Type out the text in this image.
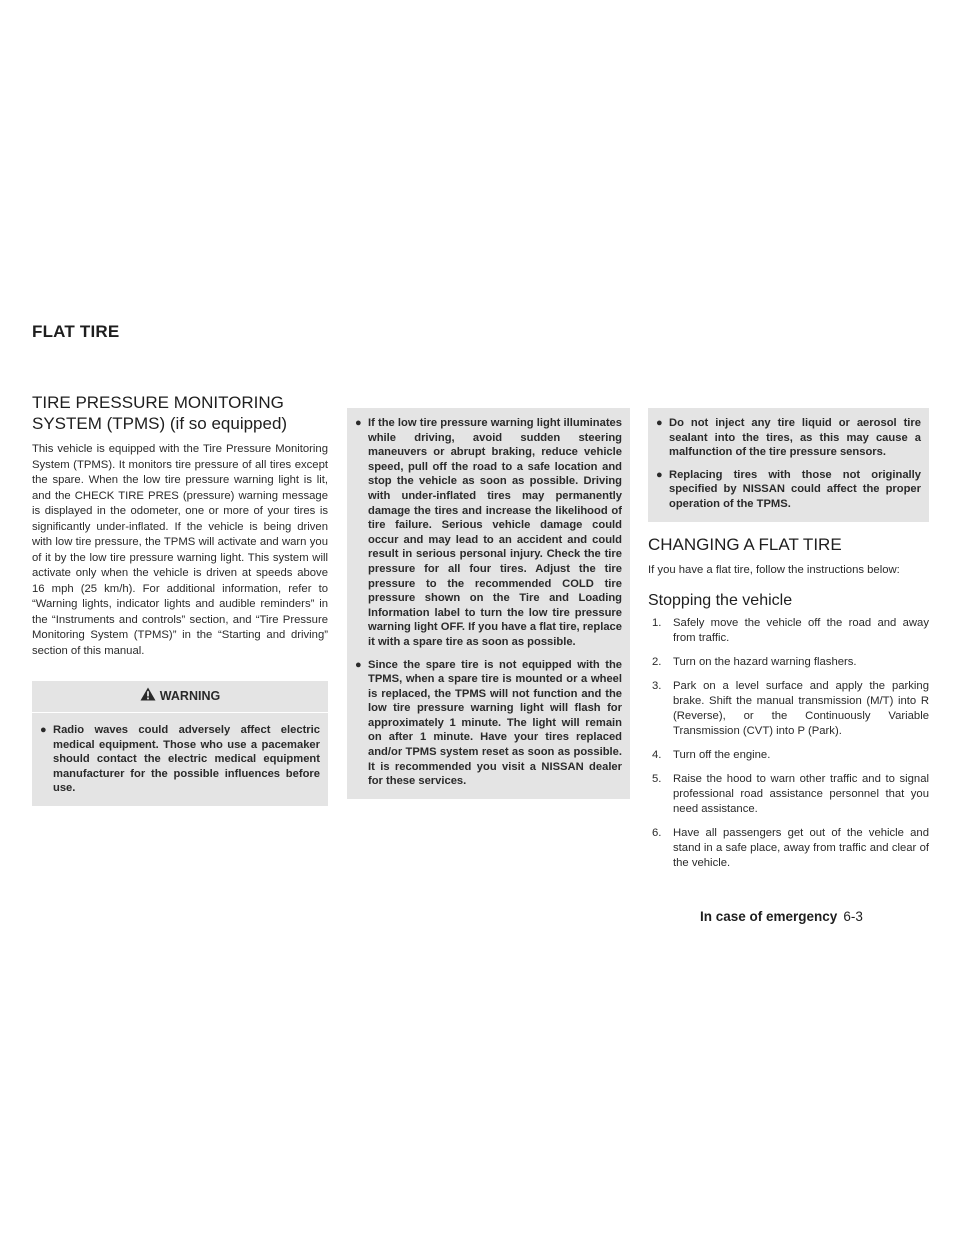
FLAT TIRE
TIRE PRESSURE MONITORING
SYSTEM (TPMS) (if so equipped)

This vehicle is equipped with the Tire Pressure Monitoring System (TPMS). It monitors tire pressure of all tires except the spare. When the low tire pressure warning light is lit, and the CHECK TIRE PRES (pressure) warning message is displayed in the odometer, one or more of your tires is significantly under-inflated. If the vehicle is being driven with low tire pressure, the TPMS will activate and warn you of it by the low tire pressure warning light. This system will activate only when the vehicle is driven at speeds above 16 mph (25 km/h). For additional information, refer to “Warning lights, indicator lights and audible reminders” in the “Instruments and controls” section, and “Tire Pressure Monitoring System (TPMS)” in the “Starting and driving” section of this manual.

WARNING
● Radio waves could adversely affect electric medical equipment. Those who use a pacemaker should contact the electric medical equipment manufacturer for the possible influences before use.
● If the low tire pressure warning light illuminates while driving, avoid sudden steering maneuvers or abrupt braking, reduce vehicle speed, pull off the road to a safe location and stop the vehicle as soon as possible. Driving with under-inflated tires may permanently damage the tires and increase the likelihood of tire failure. Serious vehicle damage could occur and may lead to an accident and could result in serious personal injury. Check the tire pressure for all four tires. Adjust the tire pressure to the recommended COLD tire pressure shown on the Tire and Loading Information label to turn the low tire pressure warning light OFF. If you have a flat tire, replace it with a spare tire as soon as possible.
● Since the spare tire is not equipped with the TPMS, when a spare tire is mounted or a wheel is replaced, the TPMS will not function and the low tire pressure warning light will flash for approximately 1 minute. The light will remain on after 1 minute. Have your tires replaced and/or TPMS system reset as soon as possible. It is recommended you visit a NISSAN dealer for these services.
● Do not inject any tire liquid or aerosol tire sealant into the tires, as this may cause a malfunction of the tire pressure sensors.
● Replacing tires with those not originally specified by NISSAN could affect the proper operation of the TPMS.
CHANGING A FLAT TIRE

If you have a flat tire, follow the instructions below:

Stopping the vehicle
1. Safely move the vehicle off the road and away from traffic.
2. Turn on the hazard warning flashers.
3. Park on a level surface and apply the parking brake. Shift the manual transmission (M/T) into R (Reverse), or the Continuously Variable Transmission (CVT) into P (Park).
4. Turn off the engine.
5. Raise the hood to warn other traffic and to signal professional road assistance personnel that you need assistance.
6. Have all passengers get out of the vehicle and stand in a safe place, away from traffic and clear of the vehicle.
In case of emergency 6-3
